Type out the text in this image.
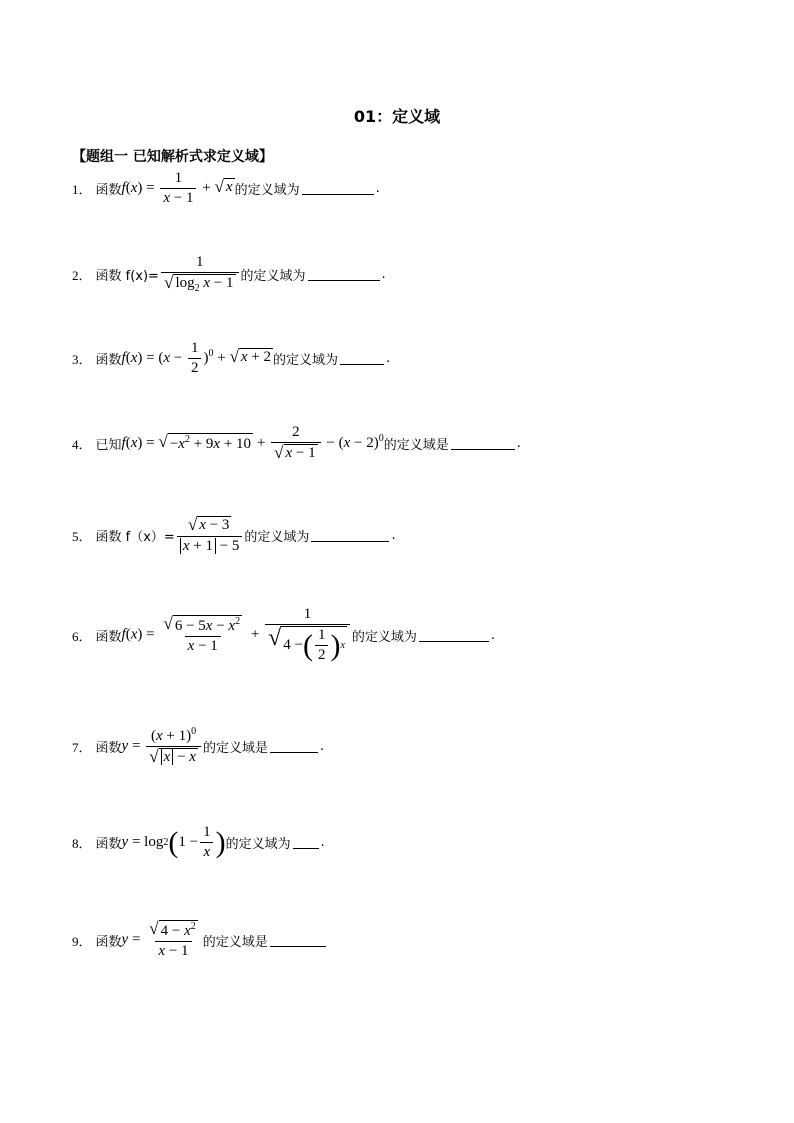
01：定义域
【题组一 已知解析式求定义域】
1． 函数 $f(x) = \frac{1}{x - 1}$ + √ x 的定义域为	.
2． 函数 $f(x)= \frac{1}{√ \log_2 x - 1}$ 的定义域为	.
3． 函数 $f(x) = (x - \frac{1}{2} )^0$ + √ x + 2 的定义域为	.
4． 已知 f(x) = √ $-x^2 + 9x + 10 + \frac{2}{√ x - 1} - (x - 2)^0$ 的定义域是	.
5． 函数 $f(x)= \frac{√ x - 3}{x + 1 - 5}$ 的定义域为	.
6． 函数 $f(x) = \frac{√ 6 - 5x - x^2}{x - 1} + \frac{1}{√ 4 - ( \frac{1}{2} ) x}$ 的定义域为	.
7． 函数 $y = \frac{(x + 1)^0}{√ x - x}$ 的定义域是	.
8． 函数 y = log 2 ( $1 - \frac{1}{x}$ ) 的定义域为 .
9． 函数 $y = \frac{√ 4 - x^2}{x - 1}$ 的定义域是
